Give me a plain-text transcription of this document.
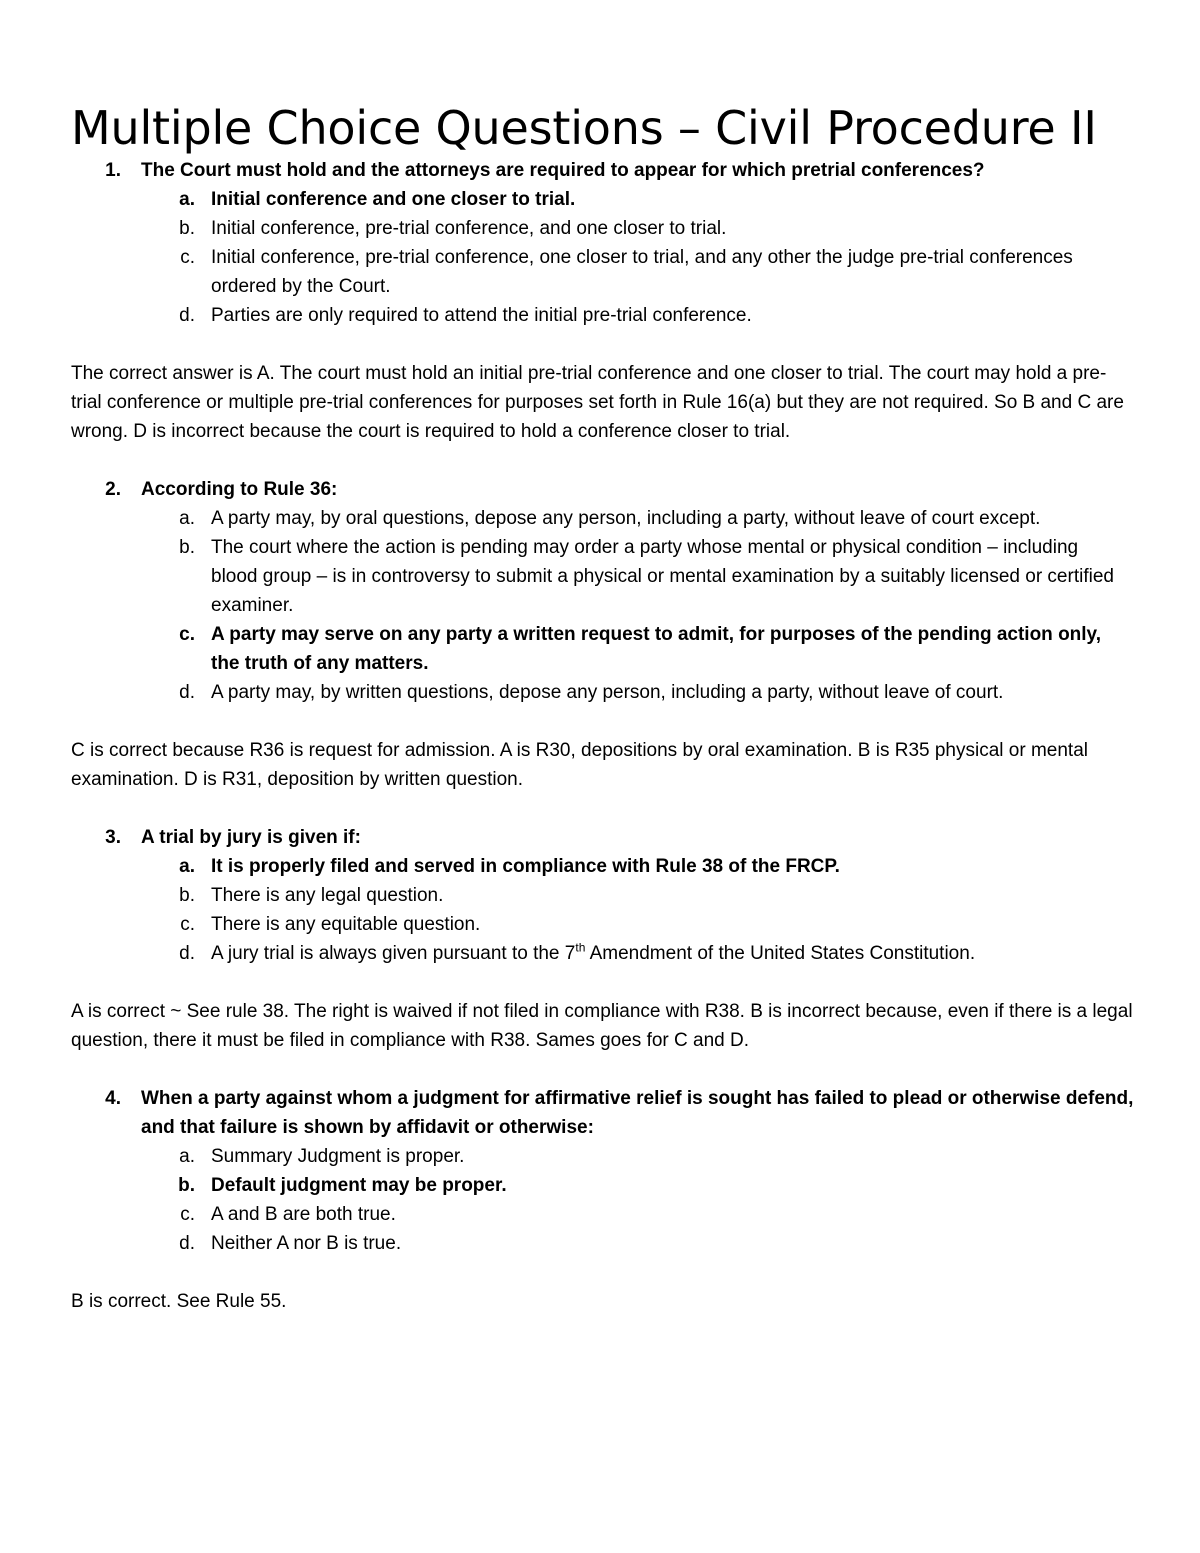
Multiple Choice Questions – Civil Procedure II
1.	The Court must hold and the attorneys are required to appear for which pretrial conferences?
a. Initial conference and one closer to trial.
b. Initial conference, pre-trial conference, and one closer to trial.
c. Initial conference, pre-trial conference, one closer to trial, and any other the judge pre-trial conferences ordered by the Court.
d. Parties are only required to attend the initial pre-trial conference.

The correct answer is A. The court must hold an initial pre-trial conference and one closer to trial. The court may hold a pre-trial conference or multiple pre-trial conferences for purposes set forth in Rule 16(a) but they are not required. So B and C are wrong. D is incorrect because the court is required to hold a conference closer to trial.

2.	According to Rule 36:
a. A party may, by oral questions, depose any person, including a party, without leave of court except.
b. The court where the action is pending may order a party whose mental or physical condition – including blood group – is in controversy to submit a physical or mental examination by a suitably licensed or certified examiner.
c. A party may serve on any party a written request to admit, for purposes of the pending action only, the truth of any matters.
d. A party may, by written questions, depose any person, including a party, without leave of court.

C is correct because R36 is request for admission. A is R30, depositions by oral examination. B is R35 physical or mental examination. D is R31, deposition by written question.

3.	A trial by jury is given if:
a. It is properly filed and served in compliance with Rule 38 of the FRCP.
b. There is any legal question.
c. There is any equitable question.
d. A jury trial is always given pursuant to the 7th Amendment of the United States Constitution.

A is correct ~ See rule 38. The right is waived if not filed in compliance with R38. B is incorrect because, even if there is a legal question, there it must be filed in compliance with R38. Sames goes for C and D.

4.	When a party against whom a judgment for affirmative relief is sought has failed to plead or otherwise defend, and that failure is shown by affidavit or otherwise:
a. Summary Judgment is proper.
b. Default judgment may be proper.
c. A and B are both true.
d. Neither A nor B is true.

B is correct. See Rule 55.
